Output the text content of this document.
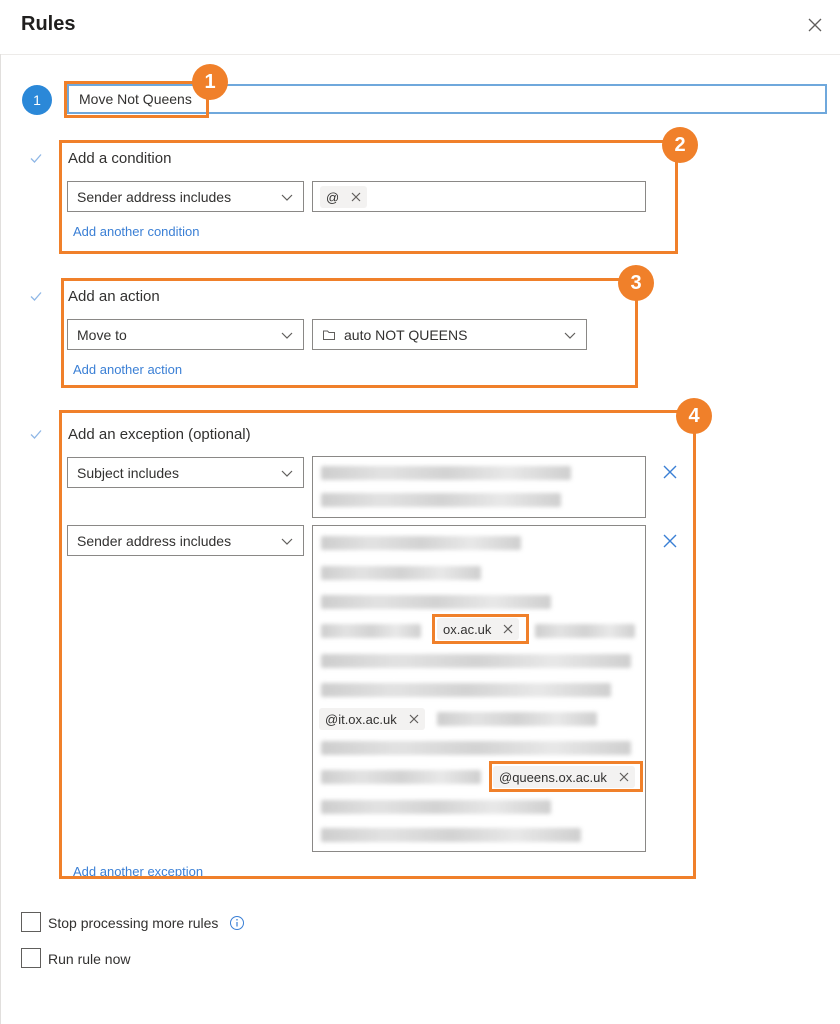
Rules
1
Move Not Queens
Add a condition
Sender address includes	@
Add another condition
Add an action
Move to	auto NOT QUEENS
Add another action
Add an exception (optional)
Subject includes
Sender address includes
ox.ac.uk
@it.ox.ac.uk
@queens.ox.ac.uk
Add another exception
Stop processing more rules
Run rule now
1
2
3
4
